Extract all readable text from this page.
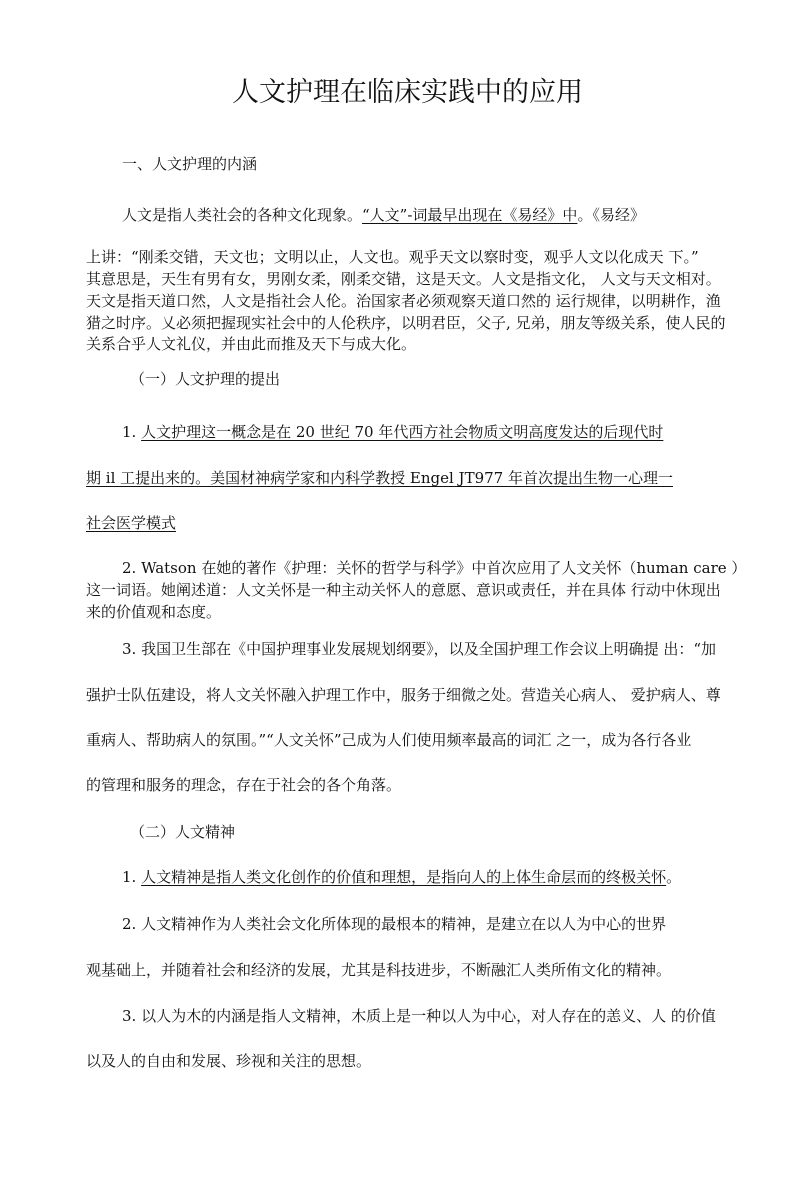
人文护理在临床实践中的应用

一、人文护理的内涵

人文是指人类社会的各种文化现象。“人文”-词最早出现在《易经》中。《易经》

上讲：“刚柔交错，天文也；文明以止，人文也。观乎天文以察时变，观乎人文以化成天 下。”

其意思是，天生有男有女，男刚女柔，刚柔交错，这是天文。人文是指文化， 人文与天文相对。

天文是指天道口然，人文是指社会人伦。治国家者必须观察天道口然的 运行规律，以明耕作，渔

猎之时序。乂必须把握现实社会中的人伦秩序，以明君臣，父子, 兄弟，朋友等级关系，使人民的

关系合乎人文礼仪，并由此而推及天下与成大化。

（一）人文护理的提出

1. 人文护理这一概念是在 20 世纪 70 年代西方社会物质文明高度发达的后现代时

期 il 工提出来的。美国材神病学家和内科学教授 Engel JT977 年首次提出生物一心理一

社会医学模式

2. Watson 在她的著作《护理：关怀的哲学与科学》中首次应用了人文关怀（human care ）

这一词语。她阐述道：人文关怀是一种主动关怀人的意愿、意识或责任，并在具体 行动中休现出

来的价值观和态度。

3. 我国卫生部在《中国护理事业发展规划纲要》，以及全国护理工作会议上明确提 出：“加

强护士队伍建设，将人文关怀融入护理工作中，服务于细微之处。营造关心病人、 爱护病人、尊

重病人、帮助病人的氛围。”“人文关怀”己成为人们使用频率最高的词汇 之一，成为各行各业

的管理和服务的理念，存在于社会的各个角落。

（二）人文精神

1. 人文精神是指人类文化创作的价值和理想，是指向人的上体生命层而的终极关怀。

2. 人文精神作为人类社会文化所体现的最根本的精神，是建立在以人为中心的世界

观基础上，并随着社会和经济的发展，尤其是科技进步，不断融汇人类所侑文化的精神。

3. 以人为木的内涵是指人文精神，木质上是一种以人为中心，对人存在的恙义、人 的价值

以及人的自由和发展、珍视和关注的思想。
